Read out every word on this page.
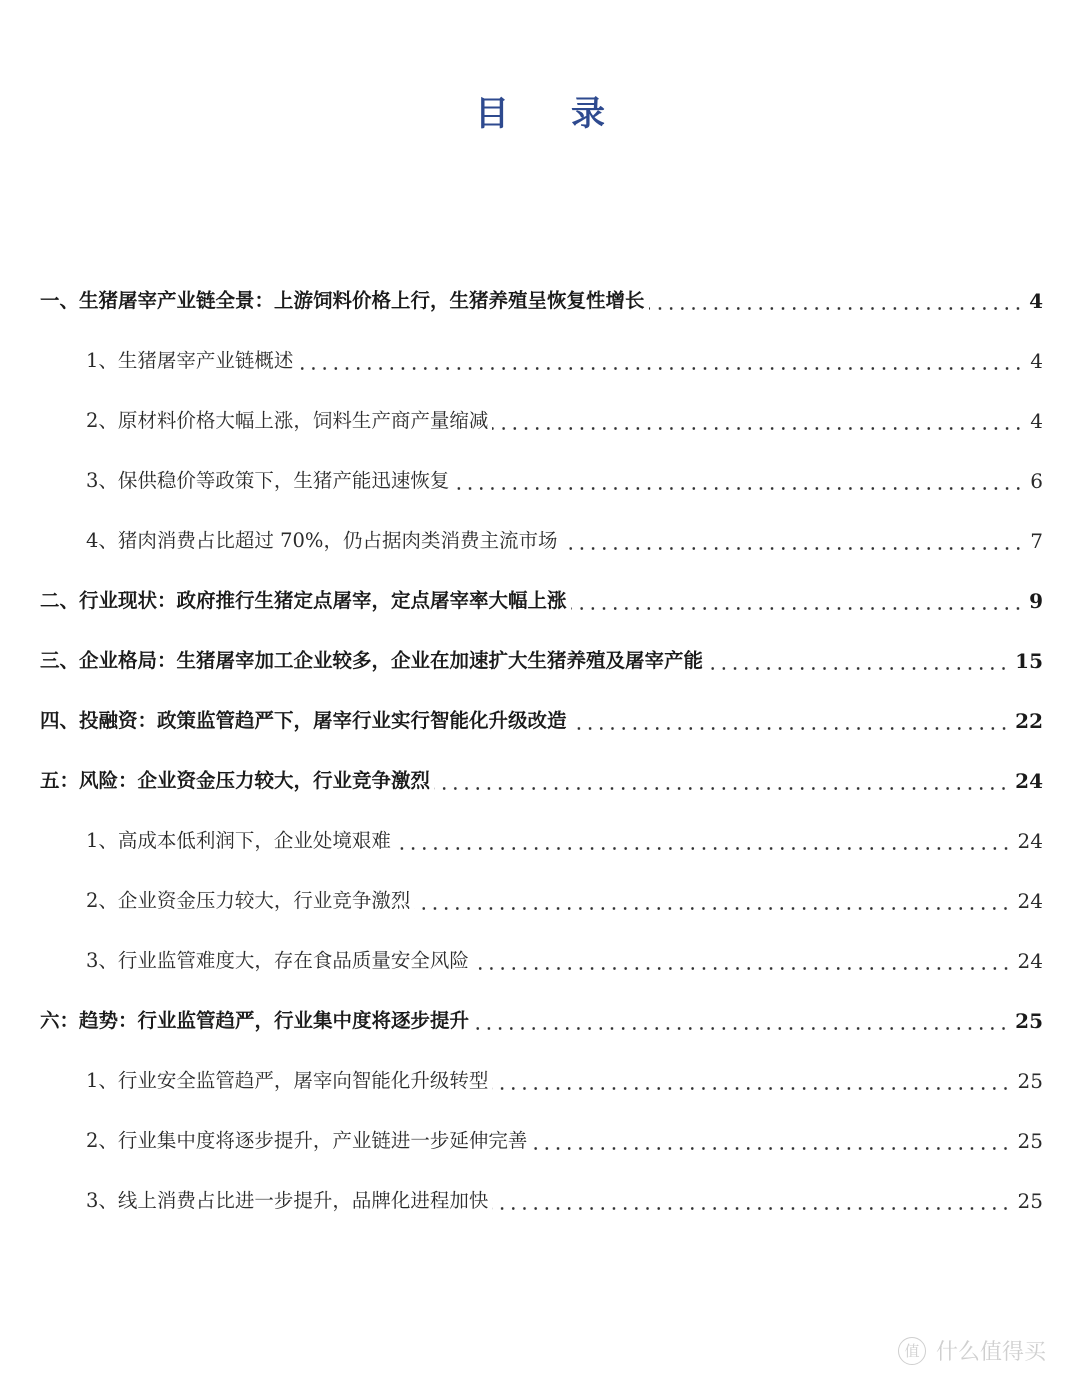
目 录
一、生猪屠宰产业链全景：上游饲料价格上行，生猪养殖呈恢复性增长	4
1、生猪屠宰产业链概述	4
2、原材料价格大幅上涨，饲料生产商产量缩减	4
3、保供稳价等政策下，生猪产能迅速恢复	6
4、猪肉消费占比超过 70%，仍占据肉类消费主流市场	7
二、行业现状：政府推行生猪定点屠宰，定点屠宰率大幅上涨	9
三、企业格局：生猪屠宰加工企业较多，企业在加速扩大生猪养殖及屠宰产能	15
四、投融资：政策监管趋严下，屠宰行业实行智能化升级改造	22
五：风险：企业资金压力较大，行业竞争激烈	24
1、高成本低利润下，企业处境艰难	24
2、企业资金压力较大，行业竞争激烈	24
3、行业监管难度大，存在食品质量安全风险	24
六：趋势：行业监管趋严，行业集中度将逐步提升	25
1、行业安全监管趋严，屠宰向智能化升级转型	25
2、行业集中度将逐步提升，产业链进一步延伸完善	25
3、线上消费占比进一步提升，品牌化进程加快	25
值 什么值得买
